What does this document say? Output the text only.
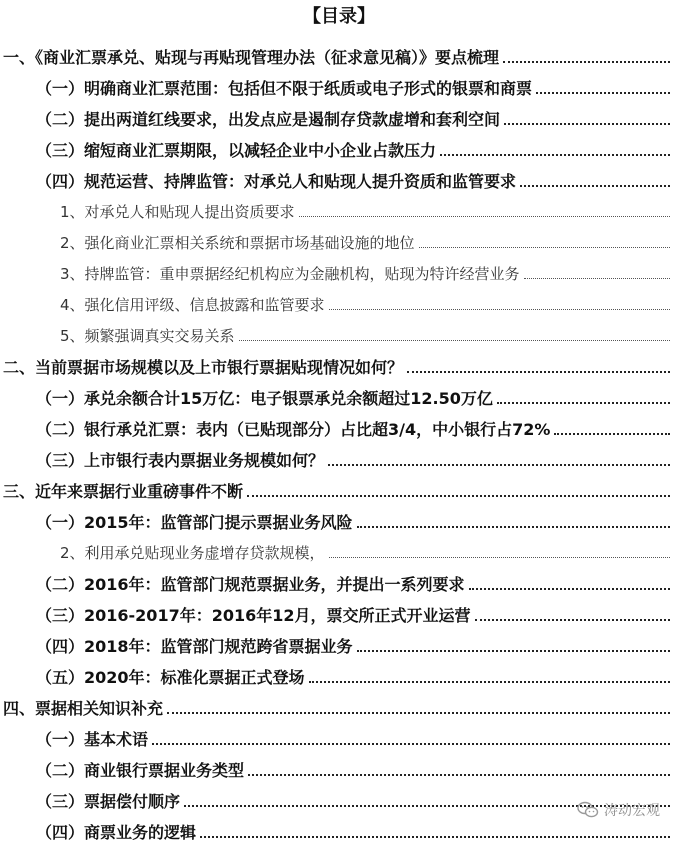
【目录】
一、《商业汇票承兑、贴现与再贴现管理办法（征求意见稿）》要点梳理
（一）明确商业汇票范围：包括但不限于纸质或电子形式的银票和商票
（二）提出两道红线要求，出发点应是遏制存贷款虚增和套利空间
（三）缩短商业汇票期限，以减轻企业中小企业占款压力
（四）规范运营、持牌监管：对承兑人和贴现人提升资质和监管要求
1、对承兑人和贴现人提出资质要求
2、强化商业汇票相关系统和票据市场基础设施的地位
3、持牌监管：重申票据经纪机构应为金融机构，贴现为特许经营业务
4、强化信用评级、信息披露和监管要求
5、频繁强调真实交易关系
二、当前票据市场规模以及上市银行票据贴现情况如何？
（一）承兑余额合计15万亿：电子银票承兑余额超过12.50万亿
（二）银行承兑汇票：表内（已贴现部分）占比超3/4，中小银行占72%
（三）上市银行表内票据业务规模如何？
三、近年来票据行业重磅事件不断
（一）2015年：监管部门提示票据业务风险
2、利用承兑贴现业务虚增存贷款规模，
（二）2016年：监管部门规范票据业务，并提出一系列要求
（三）2016-2017年：2016年12月，票交所正式开业运营
（四）2018年：监管部门规范跨省票据业务
（五）2020年：标准化票据正式登场
四、票据相关知识补充
（一）基本术语
（二）商业银行票据业务类型
（三）票据偿付顺序
（四）商票业务的逻辑
涛动宏观
